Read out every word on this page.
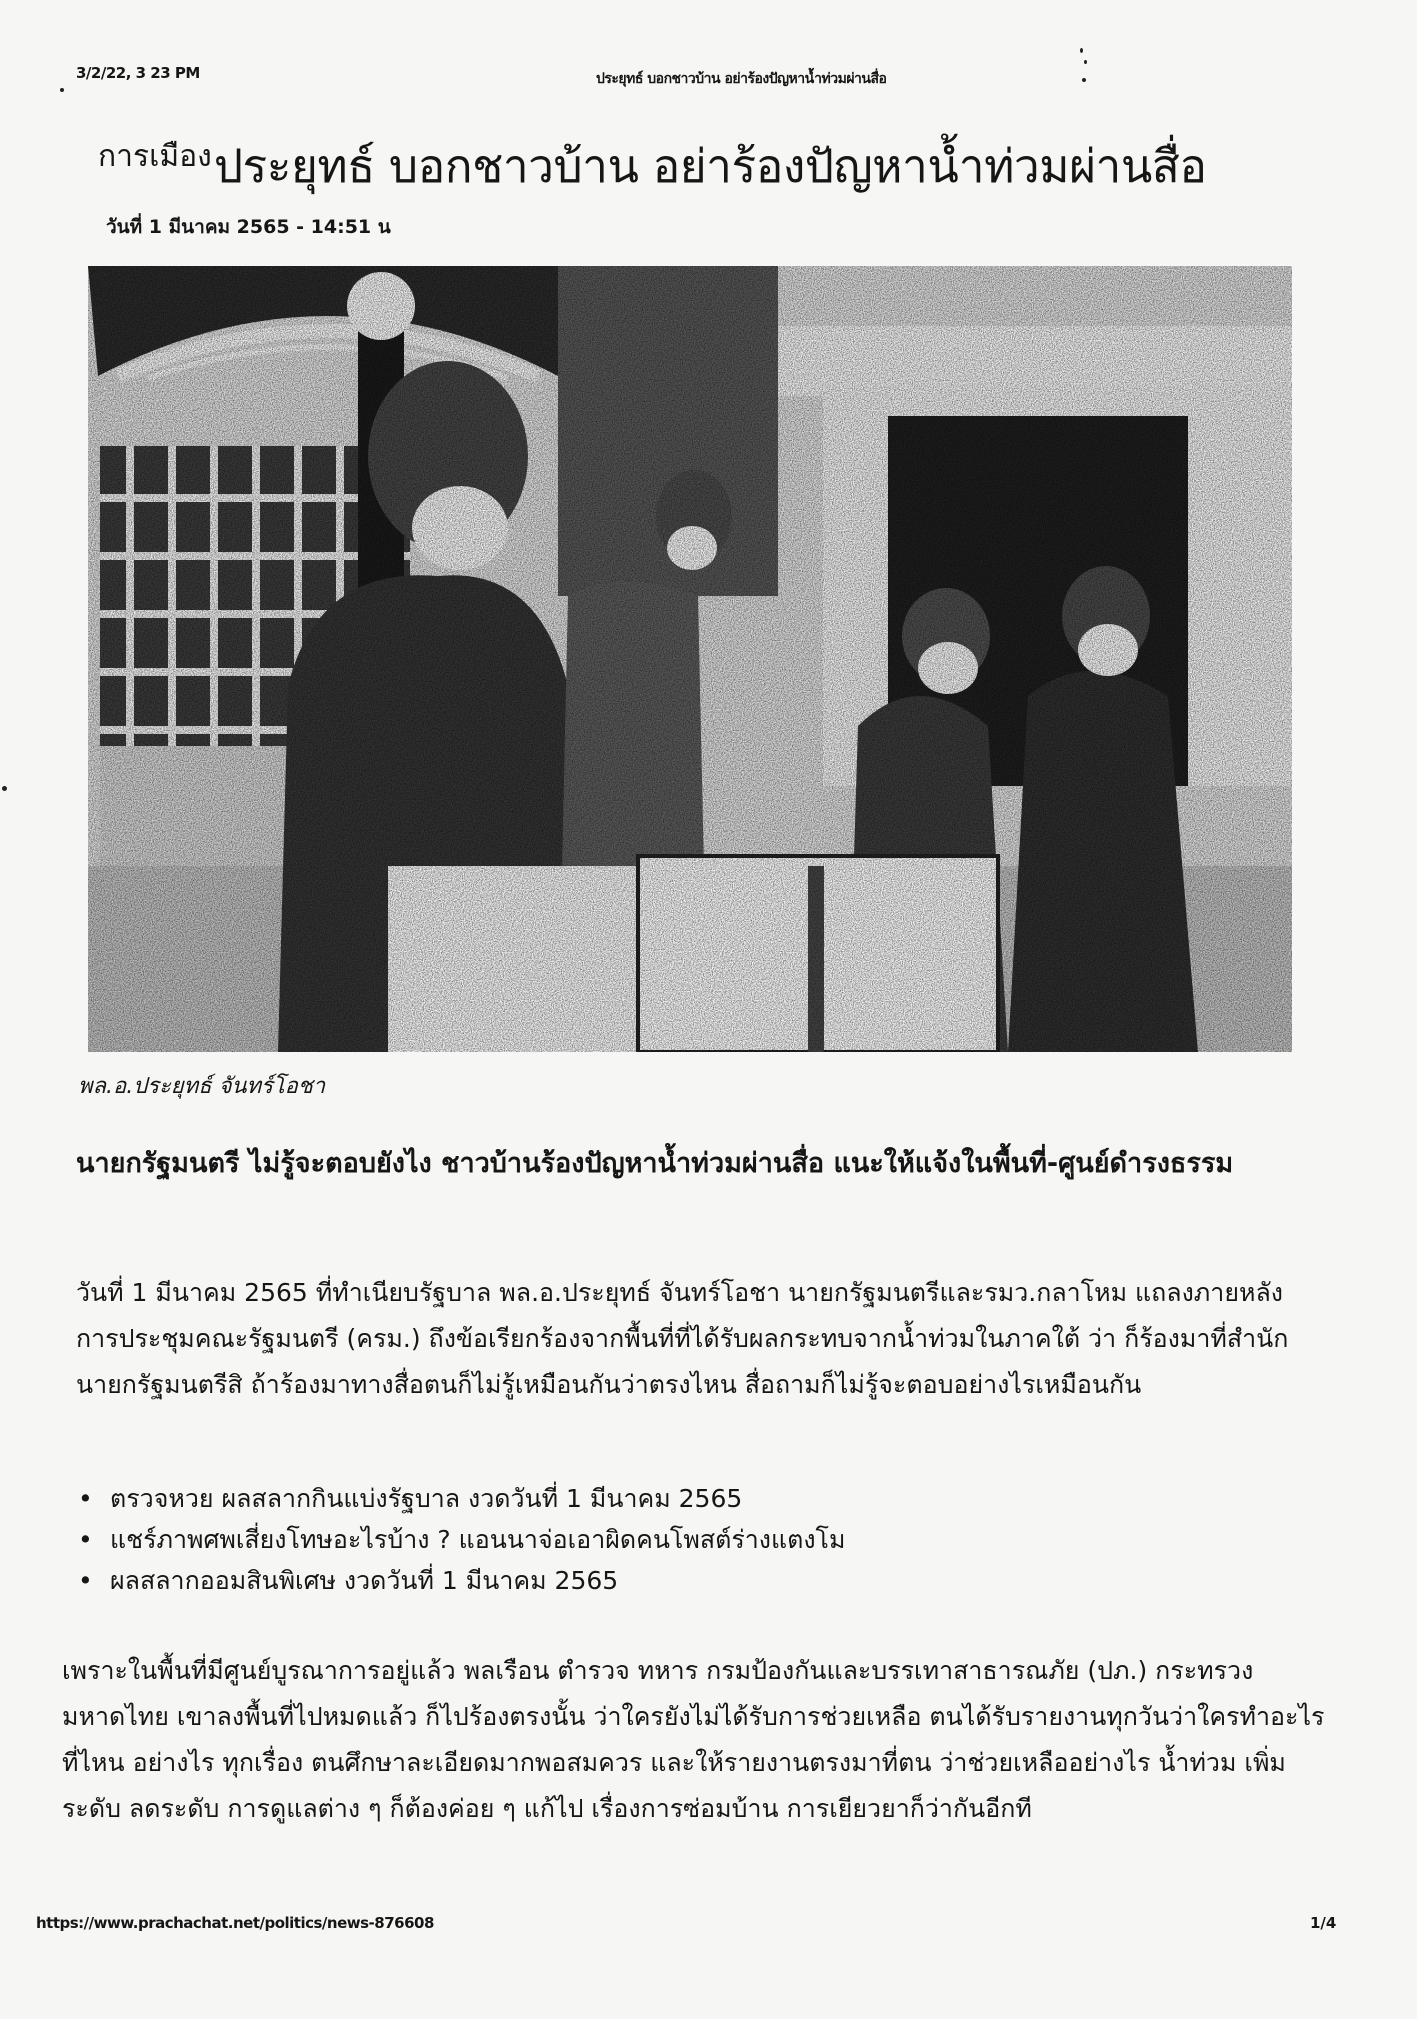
3/2/22, 3 23 PM	ประยุทธ์ บอกชาวบ้าน อย่าร้องปัญหาน้ำท่วมผ่านสื่อ
การเมืองประยุทธ์ บอกชาวบ้าน อย่าร้องปัญหาน้ำท่วมผ่านสื่อ
วันที่ 1 มีนาคม 2565 - 14:51 น
พล.อ.ประยุทธ์ จันทร์โอชา
นายกรัฐมนตรี ไม่รู้จะตอบยังไง ชาวบ้านร้องปัญหาน้ำท่วมผ่านสื่อ แนะให้แจ้งในพื้นที่-ศูนย์ดำรงธรรม
วันที่ 1 มีนาคม 2565 ที่ทำเนียบรัฐบาล พล.อ.ประยุทธ์ จันทร์โอชา นายกรัฐมนตรีและรมว.กลาโหม แถลงภายหลังการประชุมคณะรัฐมนตรี (ครม.) ถึงข้อเรียกร้องจากพื้นที่ที่ได้รับผลกระทบจากน้ำท่วมในภาคใต้ ว่า ก็ร้องมาที่สำนักนายกรัฐมนตรีสิ ถ้าร้องมาทางสื่อตนก็ไม่รู้เหมือนกันว่าตรงไหน สื่อถามก็ไม่รู้จะตอบอย่างไรเหมือนกัน
• ตรวจหวย ผลสลากกินแบ่งรัฐบาล งวดวันที่ 1 มีนาคม 2565
• แชร์ภาพศพเสี่ยงโทษอะไรบ้าง ? แอนนาจ่อเอาผิดคนโพสต์ร่างแตงโม
• ผลสลากออมสินพิเศษ งวดวันที่ 1 มีนาคม 2565
เพราะในพื้นที่มีศูนย์บูรณาการอยู่แล้ว พลเรือน ตำรวจ ทหาร กรมป้องกันและบรรเทาสาธารณภัย (ปภ.) กระทรวงมหาดไทย เขาลงพื้นที่ไปหมดแล้ว ก็ไปร้องตรงนั้น ว่าใครยังไม่ได้รับการช่วยเหลือ ตนได้รับรายงานทุกวันว่าใครทำอะไร ที่ไหน อย่างไร ทุกเรื่อง ตนศึกษาละเอียดมากพอสมควร และให้รายงานตรงมาที่ตน ว่าช่วยเหลืออย่างไร น้ำท่วม เพิ่มระดับ ลดระดับ การดูแลต่าง ๆ ก็ต้องค่อย ๆ แก้ไป เรื่องการซ่อมบ้าน การเยียวยาก็ว่ากันอีกที
https://www.prachachat.net/politics/news-876608	1/4
